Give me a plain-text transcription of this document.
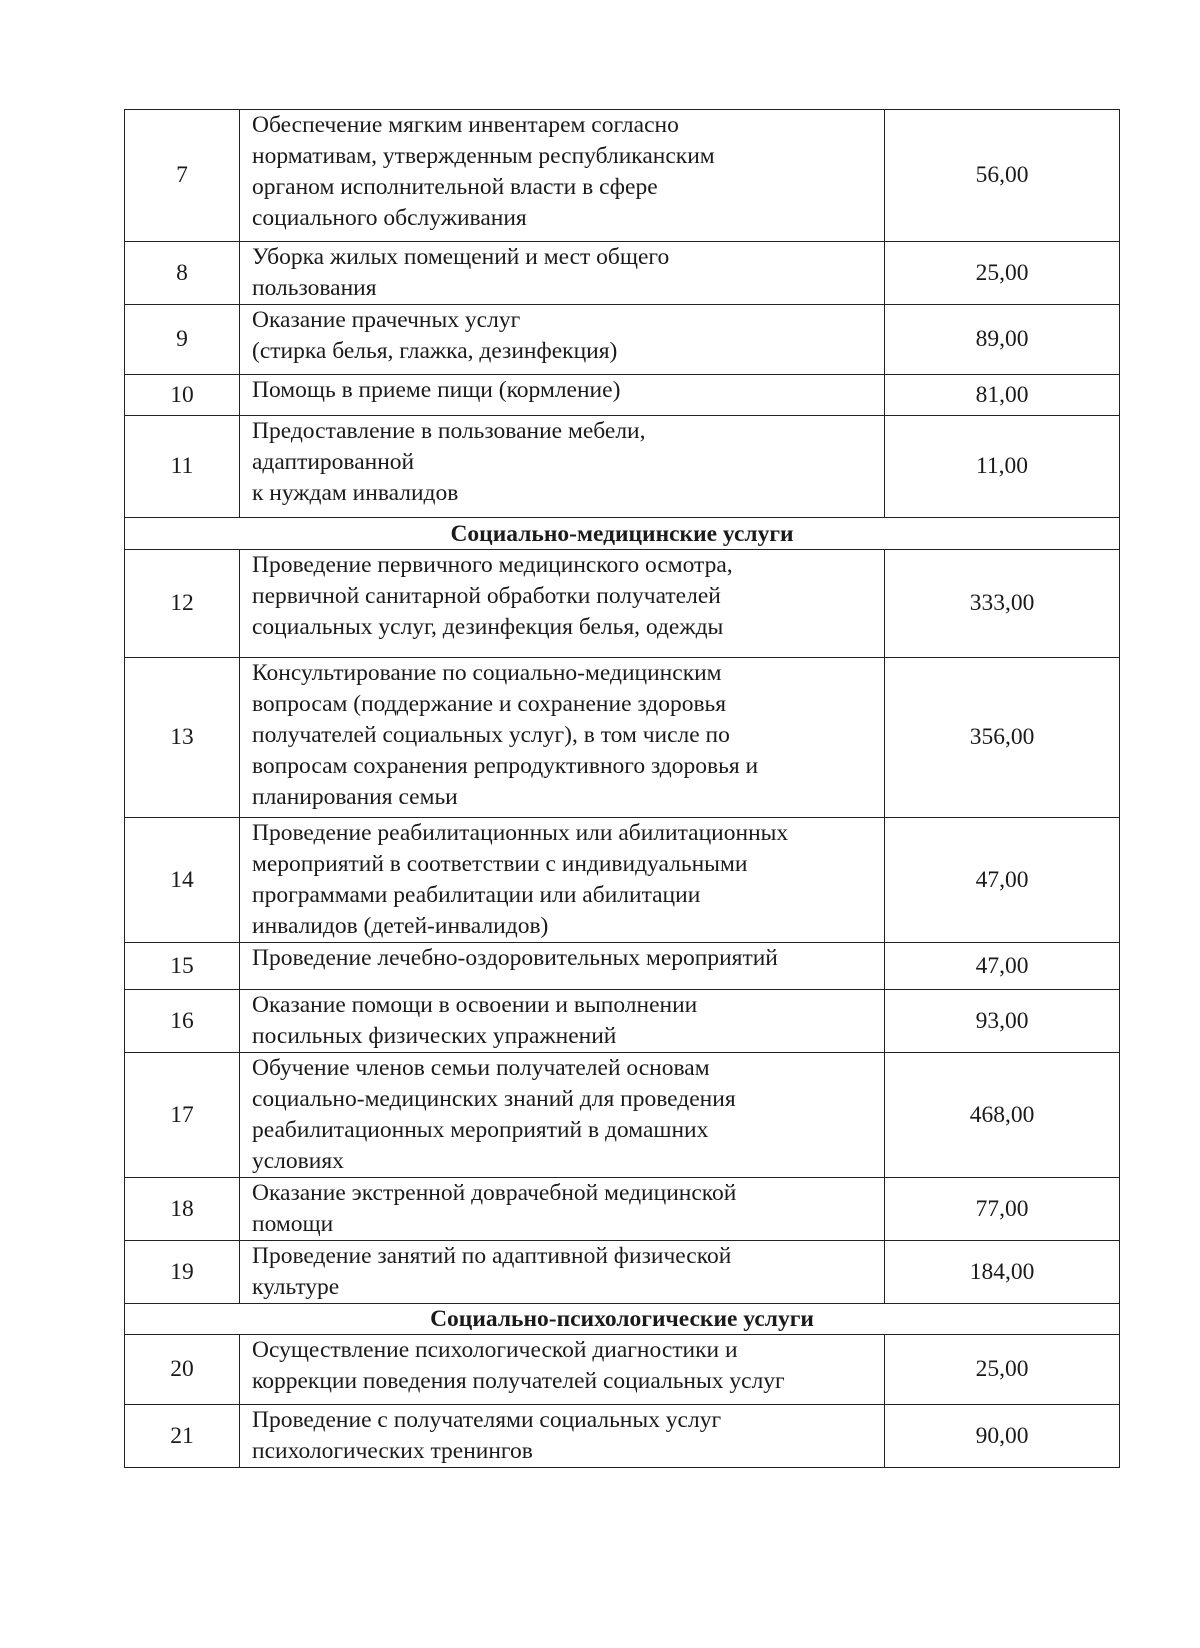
7	Обеспечение мягким инвентарем согласно
нормативам, утвержденным республиканским
органом исполнительной власти в сфере
социального обслуживания	56,00
8	Уборка жилых помещений и мест общего
пользования	25,00
9	Оказание прачечных услуг
(стирка белья, глажка, дезинфекция)	89,00
10	Помощь в приеме пищи (кормление)	81,00
11	Предоставление в пользование мебели,
адаптированной
к нуждам инвалидов	11,00
Социально-медицинские услуги		
12	Проведение первичного медицинского осмотра,
первичной санитарной обработки получателей
социальных услуг, дезинфекция белья, одежды	333,00
13	Консультирование по социально-медицинским
вопросам (поддержание и сохранение здоровья
получателей социальных услуг), в том числе по
вопросам сохранения репродуктивного здоровья и
планирования семьи	356,00
14	Проведение реабилитационных или абилитационных
мероприятий в соответствии с индивидуальными
программами реабилитации или абилитации
инвалидов (детей-инвалидов)	47,00
15	Проведение лечебно-оздоровительных мероприятий	47,00
16	Оказание помощи в освоении и выполнении
посильных физических упражнений	93,00
17	Обучение членов семьи получателей основам
социально-медицинских знаний для проведения
реабилитационных мероприятий в домашних
условиях	468,00
18	Оказание экстренной доврачебной медицинской
помощи	77,00
19	Проведение занятий по адаптивной физической
культуре	184,00
Социально-психологические услуги		
20	Осуществление психологической диагностики и
коррекции поведения получателей социальных услуг	25,00
21	Проведение с получателями социальных услуг
психологических тренингов	90,00
